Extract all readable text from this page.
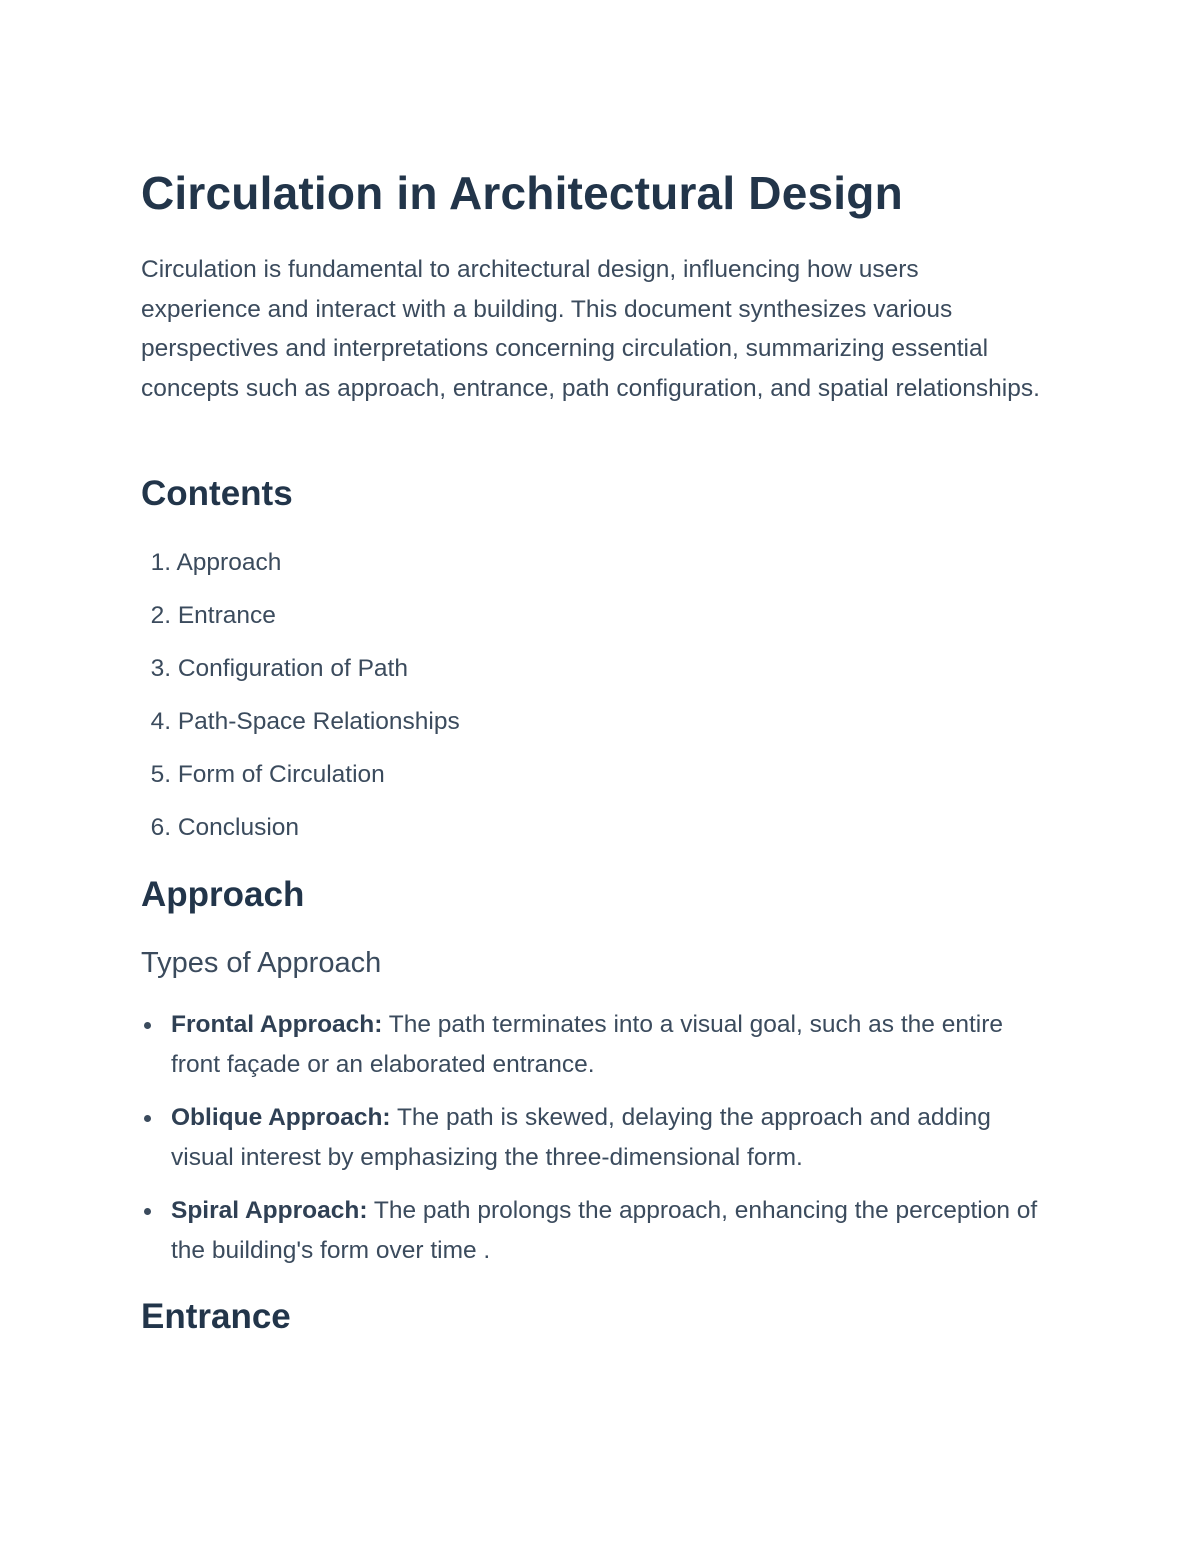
Circulation in Architectural Design

Circulation is fundamental to architectural design, influencing how users experience and interact with a building. This document synthesizes various perspectives and interpretations concerning circulation, summarizing essential concepts such as approach, entrance, path configuration, and spatial relationships.

Contents
1. Approach
2. Entrance
3. Configuration of Path
4. Path-Space Relationships
5. Form of Circulation
6. Conclusion
Approach
Types of Approach
Frontal Approach: The path terminates into a visual goal, such as the entire front façade or an elaborated entrance.
Oblique Approach: The path is skewed, delaying the approach and adding visual interest by emphasizing the three-dimensional form.
Spiral Approach: The path prolongs the approach, enhancing the perception of the building's form over time .
Entrance
